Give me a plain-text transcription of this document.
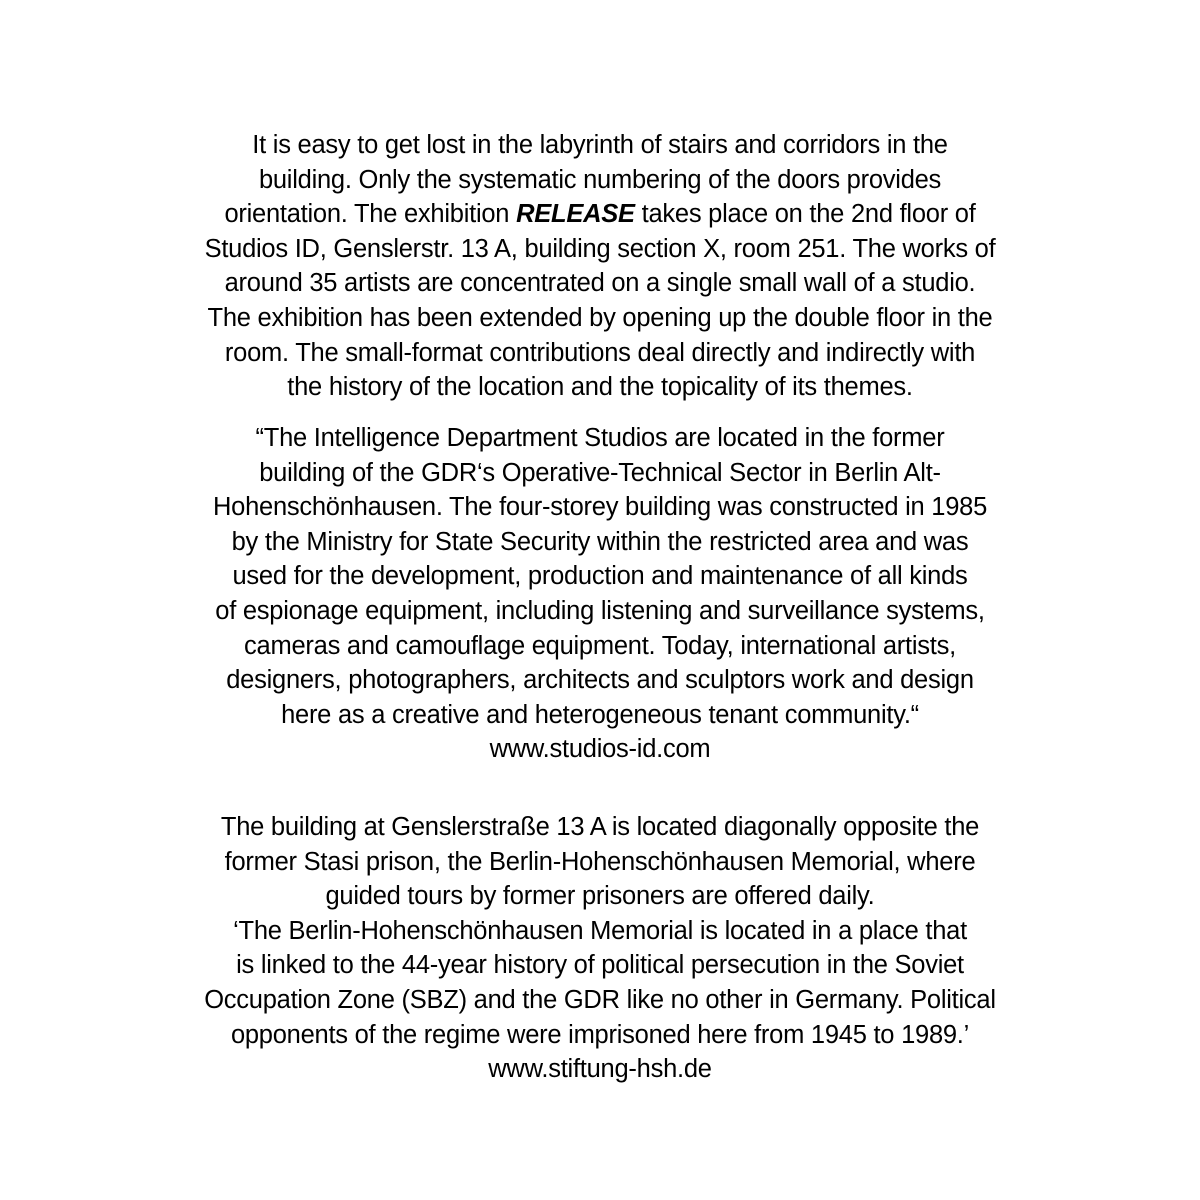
It is easy to get lost in the labyrinth of stairs and corridors in the
building. Only the systematic numbering of the doors provides
orientation. The exhibition RELEASE takes place on the 2nd floor of
Studios ID, Genslerstr. 13 A, building section X, room 251. The works of
around 35 artists are concentrated on a single small wall of a studio.
The exhibition has been extended by opening up the double floor in the
room. The small-format contributions deal directly and indirectly with
the history of the location and the topicality of its themes.
“The Intelligence Department Studios are located in the former
building of the GDR‘s Operative-Technical Sector in Berlin Alt-
Hohenschönhausen. The four-storey building was constructed in 1985
by the Ministry for State Security within the restricted area and was
used for the development, production and maintenance of all kinds
of espionage equipment, including listening and surveillance systems,
cameras and camouflage equipment. Today, international artists,
designers, photographers, architects and sculptors work and design
here as a creative and heterogeneous tenant community.“
www.studios-id.com
The building at Genslerstraße 13 A is located diagonally opposite the
former Stasi prison, the Berlin-Hohenschönhausen Memorial, where
guided tours by former prisoners are offered daily.
‘The Berlin-Hohenschönhausen Memorial is located in a place that
is linked to the 44-year history of political persecution in the Soviet
Occupation Zone (SBZ) and the GDR like no other in Germany. Political
opponents of the regime were imprisoned here from 1945 to 1989.’
www.stiftung-hsh.de
